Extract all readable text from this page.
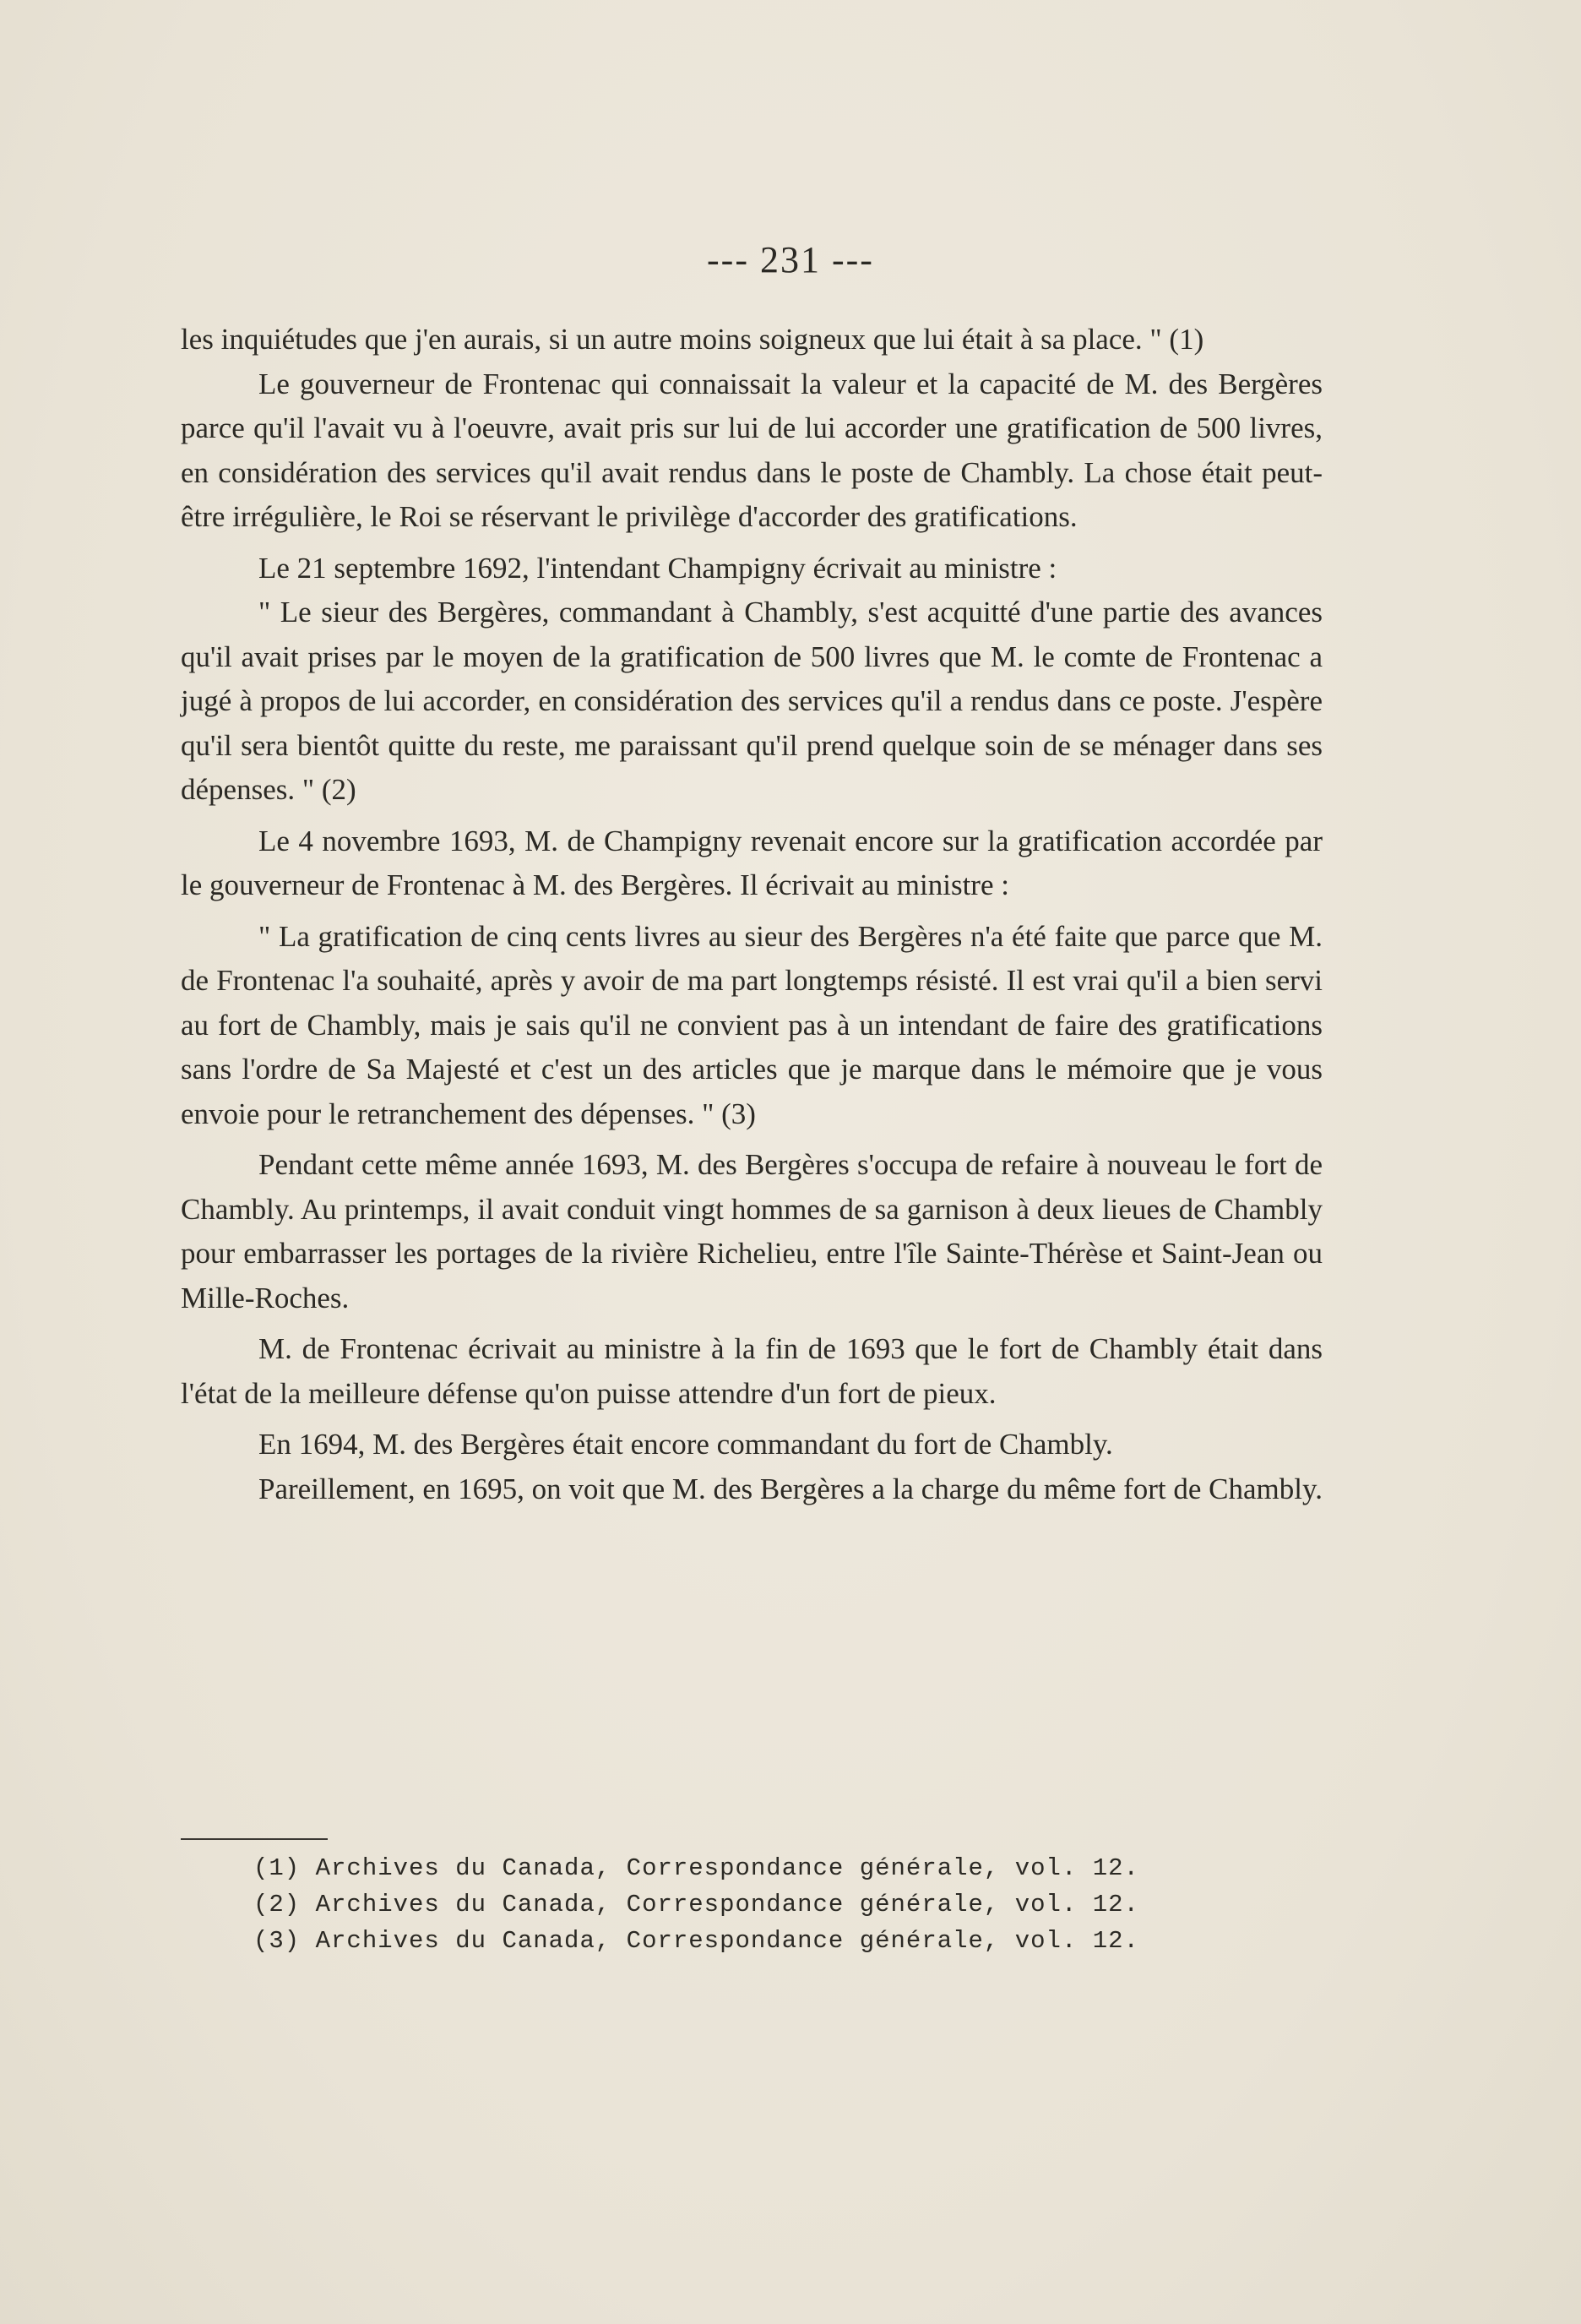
--- 231 ---

les inquiétudes que j'en aurais, si un autre moins soigneux que lui était à sa place. " (1)

Le gouverneur de Frontenac qui connaissait la valeur et la capacité de M. des Bergères parce qu'il l'avait vu à l'oeuvre, avait pris sur lui de lui accorder une gratification de 500 livres, en considération des services qu'il avait rendus dans le poste de Chambly. La chose était peut-être irrégulière, le Roi se réservant le privilège d'accorder des gratifications.

Le 21 septembre 1692, l'intendant Champigny écrivait au ministre :

" Le sieur des Bergères, commandant à Chambly, s'est acquitté d'une partie des avances qu'il avait prises par le moyen de la gratification de 500 livres que M. le comte de Frontenac a jugé à propos de lui accorder, en considération des services qu'il a rendus dans ce poste. J'espère qu'il sera bientôt quitte du reste, me paraissant qu'il prend quelque soin de se ménager dans ses dépenses. " (2)

Le 4 novembre 1693, M. de Champigny revenait encore sur la gratification accordée par le gouverneur de Frontenac à M. des Bergères. Il écrivait au ministre :

" La gratification de cinq cents livres au sieur des Bergères n'a été faite que parce que M. de Frontenac l'a souhaité, après y avoir de ma part longtemps résisté. Il est vrai qu'il a bien servi au fort de Chambly, mais je sais qu'il ne convient pas à un intendant de faire des gratifications sans l'ordre de Sa Majesté et c'est un des articles que je marque dans le mémoire que je vous envoie pour le retranchement des dépenses. " (3)

Pendant cette même année 1693, M. des Bergères s'occupa de refaire à nouveau le fort de Chambly. Au printemps, il avait conduit vingt hommes de sa garnison à deux lieues de Chambly pour embarrasser les portages de la rivière Richelieu, entre l'île Sainte-Thérèse et Saint-Jean ou Mille-Roches.

M. de Frontenac écrivait au ministre à la fin de 1693 que le fort de Chambly était dans l'état de la meilleure défense qu'on puisse attendre d'un fort de pieux.

En 1694, M. des Bergères était encore commandant du fort de Chambly.

Pareillement, en 1695, on voit que M. des Bergères a la charge du même fort de Chambly.

(1) Archives du Canada, Correspondance générale, vol. 12.
(2) Archives du Canada, Correspondance générale, vol. 12.
(3) Archives du Canada, Correspondance générale, vol. 12.
